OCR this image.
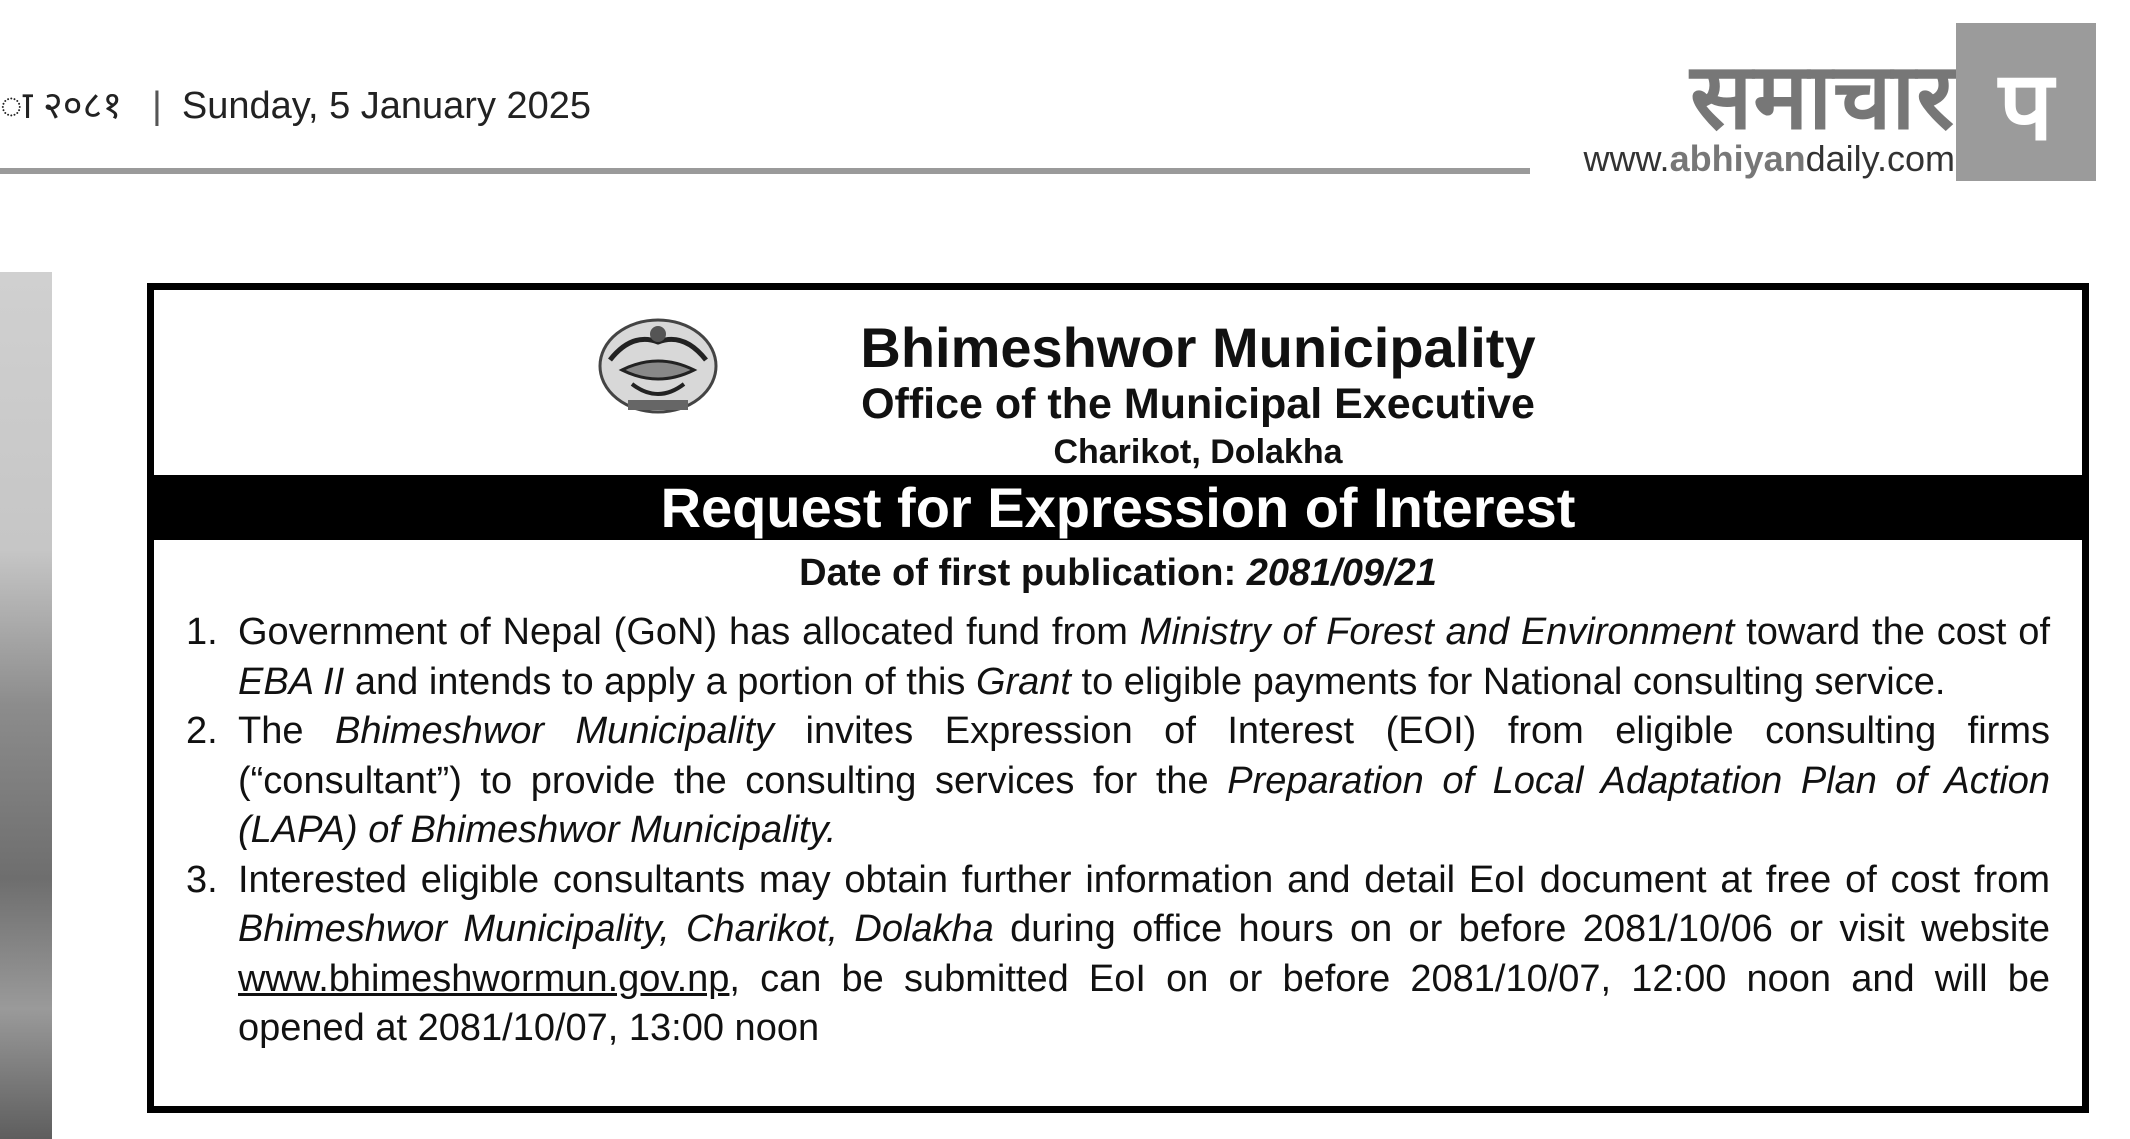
ा २०८१ | Sunday, 5 January 2025	समाचार
www.abhiyandaily.com प
Bhimeshwor Municipality
Office of the Municipal Executive
Charikot, Dolakha
Request for Expression of Interest
Date of first publication: 2081/09/21
1. Government of Nepal (GoN) has allocated fund from Ministry of Forest and Environment toward the cost of EBA II and intends to apply a portion of this Grant to eligible payments for National consulting service.
2. The Bhimeshwor Municipality invites Expression of Interest (EOI) from eligible consulting firms (“consultant”) to provide the consulting services for the Preparation of Local Adaptation Plan of Action (LAPA) of Bhimeshwor Municipality.
3. Interested eligible consultants may obtain further information and detail EoI document at free of cost from Bhimeshwor Municipality, Charikot, Dolakha during office hours on or before 2081/10/06 or visit website www.bhimeshwormun.gov.np, can be submitted EoI on or before 2081/10/07, 12:00 noon and will be opened at 2081/10/07, 13:00 noon
